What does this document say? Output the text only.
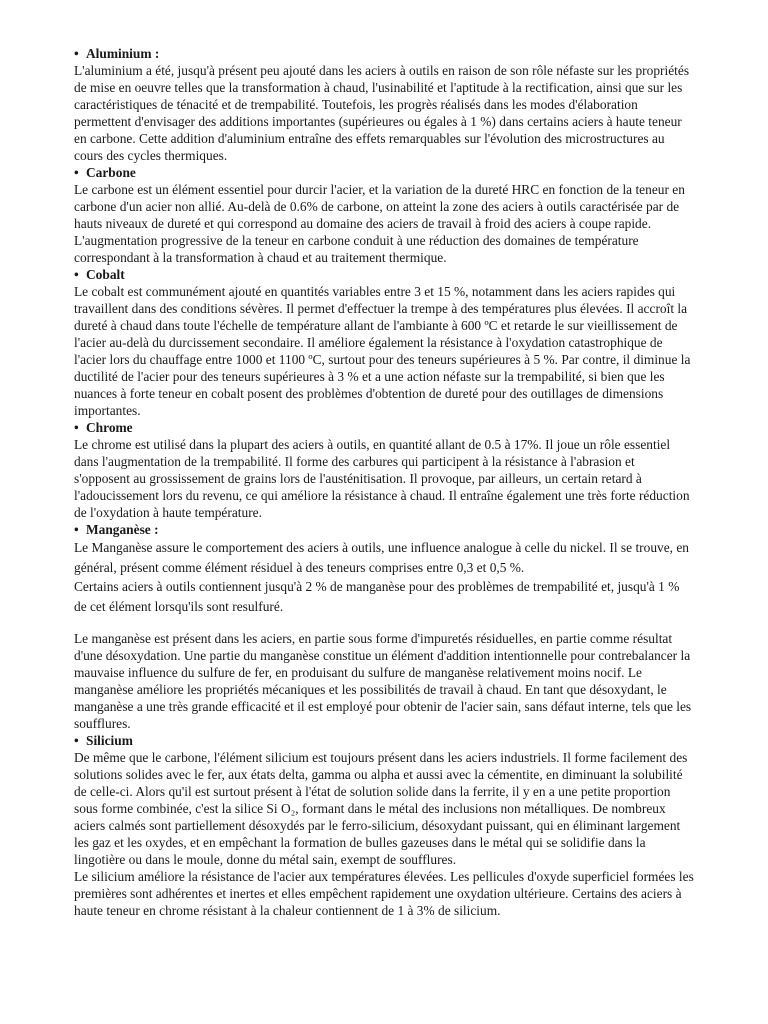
• Aluminium :

L'aluminium a été, jusqu'à présent peu ajouté dans les aciers à outils en raison de son rôle néfaste sur les propriétés de mise en oeuvre telles que la transformation à chaud, l'usinabilité et l'aptitude à la rectification, ainsi que sur les caractéristiques de ténacité et de trempabilité. Toutefois, les progrès réalisés dans les modes d'élaboration permettent d'envisager des additions importantes (supérieures ou égales à 1 %) dans certains aciers à haute teneur en carbone. Cette addition d'aluminium entraîne des effets remarquables sur l'évolution des microstructures au cours des cycles thermiques.

• Carbone

Le carbone est un élément essentiel pour durcir l'acier, et la variation de la dureté HRC en fonction de la teneur en carbone d'un acier non allié. Au-delà de 0.6% de carbone, on atteint la zone des aciers à outils caractérisée par de hauts niveaux de dureté et qui correspond au domaine des aciers de travail à froid des aciers à coupe rapide. L'augmentation progressive de la teneur en carbone conduit à une réduction des domaines de température correspondant à la transformation à chaud et au traitement thermique.

• Cobalt

Le cobalt est communément ajouté en quantités variables entre 3 et 15 %, notamment dans les aciers rapides qui travaillent dans des conditions sévères. Il permet d'effectuer la trempe à des températures plus élevées. Il accroît la dureté à chaud dans toute l'échelle de température allant de l'ambiante à 600 ºC et retarde le sur vieillissement de l'acier au-delà du durcissement secondaire. Il améliore également la résistance à l'oxydation catastrophique de l'acier lors du chauffage entre 1000 et 1100 ºC, surtout pour des teneurs supérieures à 5 %. Par contre, il diminue la ductilité de l'acier pour des teneurs supérieures à 3 % et a une action néfaste sur la trempabilité, si bien que les nuances à forte teneur en cobalt posent des problèmes d'obtention de dureté pour des outillages de dimensions importantes.

• Chrome

Le chrome est utilisé dans la plupart des aciers à outils, en quantité allant de 0.5 à 17%. Il joue un rôle essentiel dans l'augmentation de la trempabilité. Il forme des carbures qui participent à la résistance à l'abrasion et s'opposent au grossissement de grains lors de l'austénitisation. Il provoque, par ailleurs, un certain retard à l'adoucissement lors du revenu, ce qui améliore la résistance à chaud. Il entraîne également une très forte réduction de l'oxydation à haute température.

• Manganèse :

Le Manganèse assure le comportement des aciers à outils, une influence analogue à celle du nickel. Il se trouve, en général, présent comme élément résiduel à des teneurs comprises entre 0,3 et 0,5 %.

Certains aciers à outils contiennent jusqu'à 2 % de manganèse pour des problèmes de trempabilité et, jusqu'à 1 % de cet élément lorsqu'ils sont resulfuré.

Le manganèse est présent dans les aciers, en partie sous forme d'impuretés résiduelles, en partie comme résultat d'une désoxydation. Une partie du manganèse constitue un élément d'addition intentionnelle pour contrebalancer la mauvaise influence du sulfure de fer, en produisant du sulfure de manganèse relativement moins nocif. Le manganèse améliore les propriétés mécaniques et les possibilités de travail à chaud. En tant que désoxydant, le manganèse a une très grande efficacité et il est employé pour obtenir de l'acier sain, sans défaut interne, tels que les soufflures.

• Silicium

De même que le carbone, l'élément silicium est toujours présent dans les aciers industriels. Il forme facilement des solutions solides avec le fer, aux états delta, gamma ou alpha et aussi avec la cémentite, en diminuant la solubilité de celle-ci. Alors qu'il est surtout présent à l'état de solution solide dans la ferrite, il y en a une petite proportion sous forme combinée, c'est la silice Si O₂, formant dans le métal des inclusions non métalliques. De nombreux aciers calmés sont partiellement désoxydés par le ferro-silicium, désoxydant puissant, qui en éliminant largement les gaz et les oxydes, et en empêchant la formation de bulles gazeuses dans le métal qui se solidifie dans la lingotière ou dans le moule, donne du métal sain, exempt de soufflures.

Le silicium améliore la résistance de l'acier aux températures élevées. Les pellicules d'oxyde superficiel formées les premières sont adhérentes et inertes et elles empêchent rapidement une oxydation ultérieure. Certains des aciers à haute teneur en chrome résistant à la chaleur contiennent de 1 à 3% de silicium.
